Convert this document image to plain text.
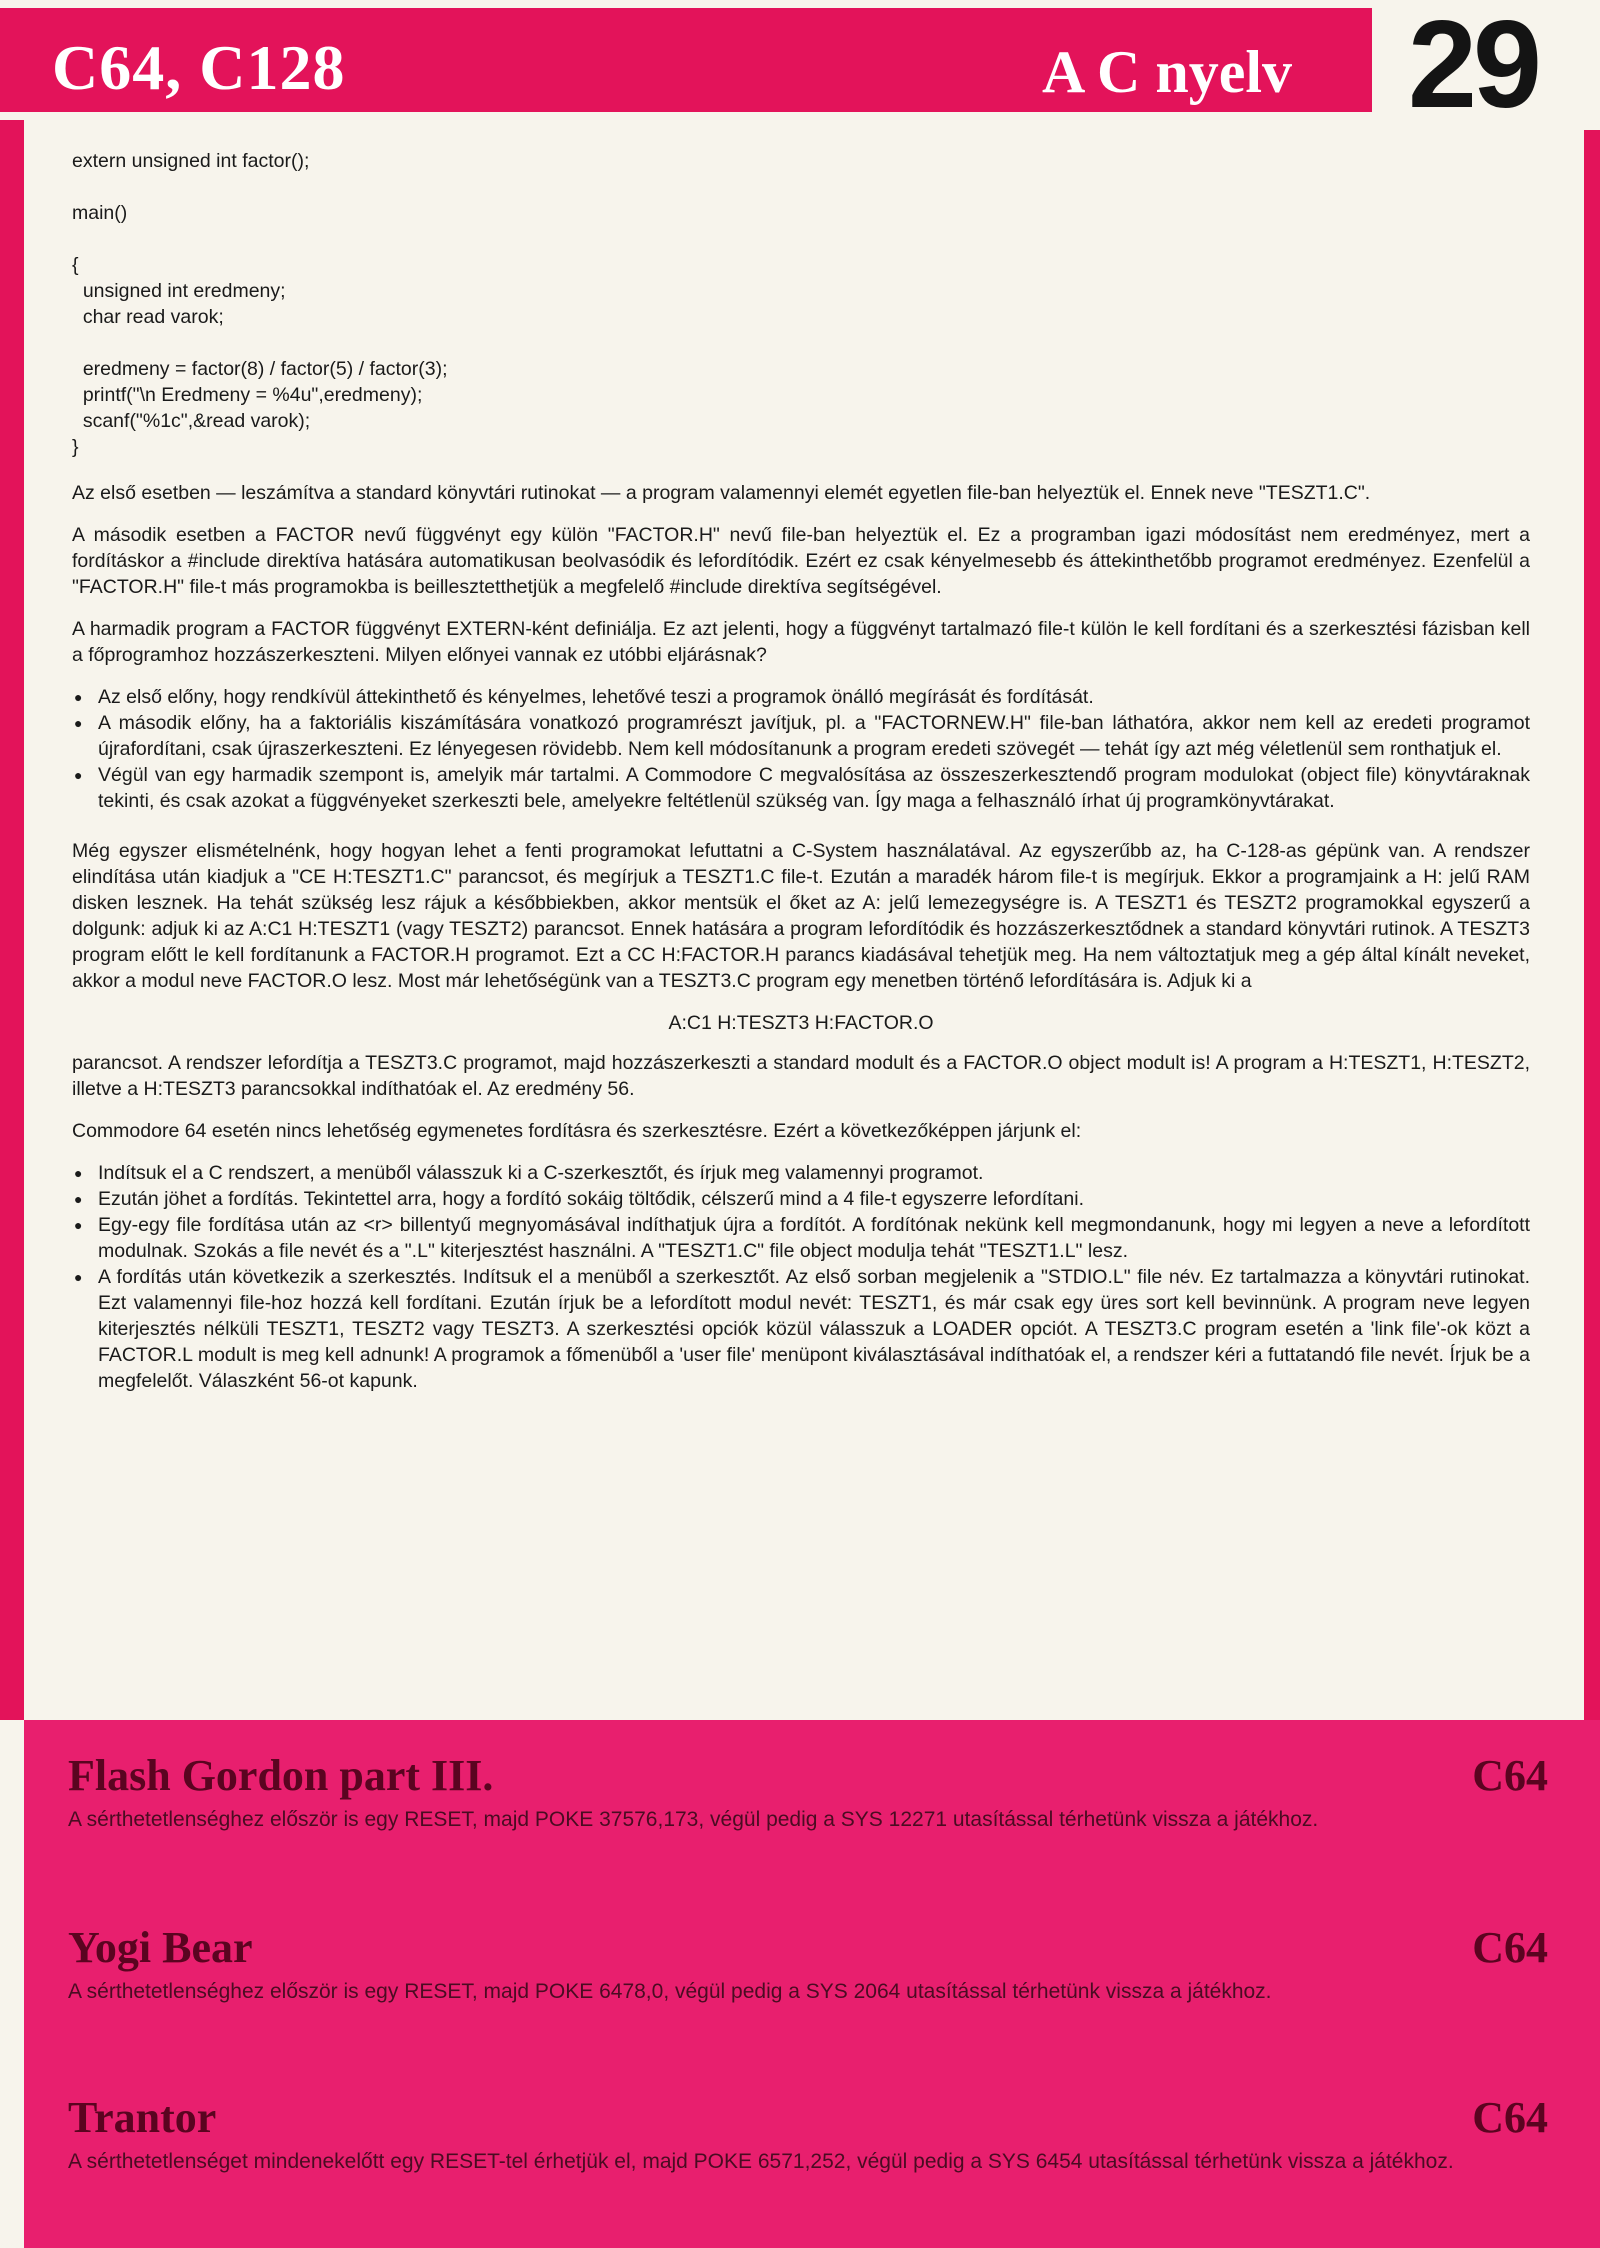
C64, C128	A C nyelv 29
extern unsigned int factor();
main()
{
unsigned int eredmeny;
char read varok;
eredmeny = factor(8) / factor(5) / factor(3);
printf("\n Eredmeny = %4u",eredmeny);
scanf("%1c",&read varok);
}

Az első esetben — leszámítva a standard könyvtári rutinokat — a program valamennyi elemét egyetlen file-ban helyeztük el. Ennek neve "TESZT1.C".

A második esetben a FACTOR nevű függvényt egy külön "FACTOR.H" nevű file-ban helyeztük el. Ez a programban igazi módosítást nem eredményez, mert a fordításkor a #include direktíva hatására automatikusan beolvasódik és lefordítódik. Ezért ez csak kényelmesebb és áttekinthetőbb programot eredményez. Ezenfelül a "FACTOR.H" file-t más programokba is beillesztetthetjük a megfelelő #include direktíva segítségével.

A harmadik program a FACTOR függvényt EXTERN-ként definiálja. Ez azt jelenti, hogy a függvényt tartalmazó file-t külön le kell fordítani és a szerkesztési fázisban kell a főprogramhoz hozzászerkeszteni. Milyen előnyei vannak ez utóbbi eljárásnak?

● Az első előny, hogy rendkívül áttekinthető és kényelmes, lehetővé teszi a programok önálló megírását és fordítását.
● A második előny, ha a faktoriális kiszámítására vonatkozó programrészt javítjuk, pl. a "FACTORNEW.H" file-ban láthatóra, akkor nem kell az eredeti programot újrafordítani, csak újraszerkeszteni. Ez lényegesen rövidebb. Nem kell módosítanunk a program eredeti szövegét — tehát így azt még véletlenül sem ronthatjuk el.
● Végül van egy harmadik szempont is, amelyik már tartalmi. A Commodore C megvalósítása az összeszerkesztendő program modulokat (object file) könyvtáraknak tekinti, és csak azokat a függvényeket szerkeszti bele, amelyekre feltétlenül szükség van. Így maga a felhasználó írhat új programkönyvtárakat.

Még egyszer elismételnénk, hogy hogyan lehet a fenti programokat lefuttatni a C-System használatával. Az egyszerűbb az, ha C-128-as gépünk van. A rendszer elindítása után kiadjuk a "CE H:TESZT1.C" parancsot, és megírjuk a TESZT1.C file-t. Ezután a maradék három file-t is megírjuk. Ekkor a programjaink a H: jelű RAM disken lesznek. Ha tehát szükség lesz rájuk a későbbiekben, akkor mentsük el őket az A: jelű lemezegységre is. A TESZT1 és TESZT2 programokkal egyszerű a dolgunk: adjuk ki az A:C1 H:TESZT1 (vagy TESZT2) parancsot. Ennek hatására a program lefordítódik és hozzászerkesztődnek a standard könyvtári rutinok. A TESZT3 program előtt le kell fordítanunk a FACTOR.H programot. Ezt a CC H:FACTOR.H parancs kiadásával tehetjük meg. Ha nem változtatjuk meg a gép által kínált neveket, akkor a modul neve FACTOR.O lesz. Most már lehetőségünk van a TESZT3.C program egy menetben történő lefordítására is. Adjuk ki a

A:C1 H:TESZT3 H:FACTOR.O

parancsot. A rendszer lefordítja a TESZT3.C programot, majd hozzászerkeszti a standard modult és a FACTOR.O object modult is! A program a H:TESZT1, H:TESZT2, illetve a H:TESZT3 parancsokkal indíthatóak el. Az eredmény 56.

Commodore 64 esetén nincs lehetőség egymenetes fordításra és szerkesztésre. Ezért a következőképpen járjunk el:

● Indítsuk el a C rendszert, a menüből válasszuk ki a C-szerkesztőt, és írjuk meg valamennyi programot.
● Ezután jöhet a fordítás. Tekintettel arra, hogy a fordító sokáig töltődik, célszerű mind a 4 file-t egyszerre lefordítani.
● Egy-egy file fordítása után az <r> billentyű megnyomásával indíthatjuk újra a fordítót. A fordítónak nekünk kell megmondanunk, hogy mi legyen a neve a lefordított modulnak. Szokás a file nevét és a ".L" kiterjesztést használni. A "TESZT1.C" file object modulja tehát "TESZT1.L" lesz.
● A fordítás után következik a szerkesztés. Indítsuk el a menüből a szerkesztőt. Az első sorban megjelenik a "STDIO.L" file név. Ez tartalmazza a könyvtári rutinokat. Ezt valamennyi file-hoz hozzá kell fordítani. Ezután írjuk be a lefordított modul nevét: TESZT1, és már csak egy üres sort kell bevinnünk. A program neve legyen kiterjesztés nélküli TESZT1, TESZT2 vagy TESZT3. A szerkesztési opciók közül válasszuk a LOADER opciót. A TESZT3.C program esetén a 'link file'-ok közt a FACTOR.L modult is meg kell adnunk! A programok a főmenüből a 'user file' menüpont kiválasztásával indíthatóak el, a rendszer kéri a futtatandó file nevét. Írjuk be a megfelelőt. Válaszként 56-ot kapunk.
Flash Gordon part III.	C64
A sérthetetlenséghez először is egy RESET, majd POKE 37576,173, végül pedig a SYS 12271 utasítással térhetünk vissza a játékhoz.
Yogi Bear	C64
A sérthetetlenséghez először is egy RESET, majd POKE 6478,0, végül pedig a SYS 2064 utasítással térhetünk vissza a játékhoz.
Trantor	C64
A sérthetetlenséget mindenekelőtt egy RESET-tel érhetjük el, majd POKE 6571,252, végül pedig a SYS 6454 utasítással térhetünk vissza a játékhoz.
